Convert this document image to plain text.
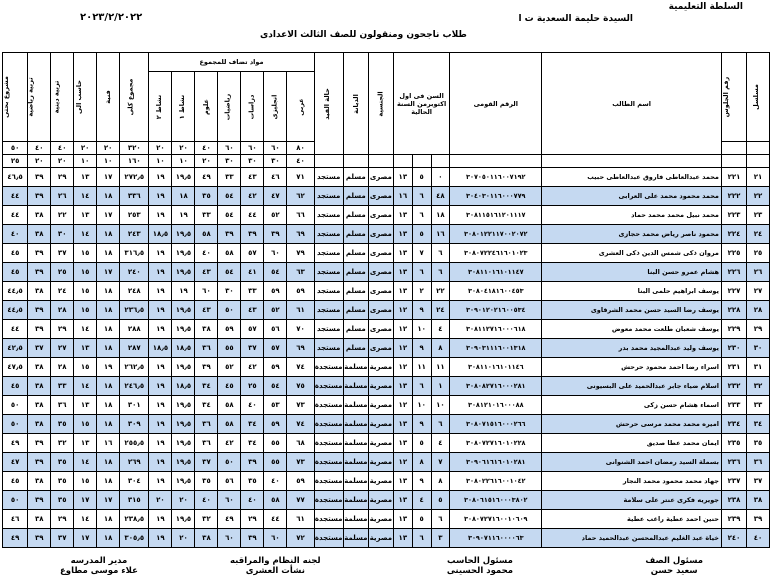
السلطة التعليمية
السيدة حليمة السعدية ت ا
٢٠٢٣/٢/٢٠٢٢
طلاب ناجحون ومنقولون للصف الثالث الاعدادى
مسلسل	رقم الجلوس	اسم الطالب	الرقم القومى	السن فى اول اكتوبرمن السنة الحالية			الجنسية	الديانة	حالة القيد	مواد تضاف للمجموع							مجموع كلى	فنية	حاسب الى	تربية دينية	تربية رياضية	مشروع بحثى
										عربى	انجليزى	دراسات	رياضيات	علوم	نشاط ١	نشاط ٢						
										٨٠	٦٠	٦٠	٦٠	٤٠	٢٠	٢٠	٣٢٠	٢٠	٢٠	٤٠	٤٠	٥٠
										٤٠	٣٠	٣٠	٣٠	٢٠	١٠	١٠	١٦٠	١٠	١٠	٢٠	٢٠	٢٥
٢١	٢٢١	محمد عبدالعاطى فاروق عبدالعاطى حبيب	٣٠٧٠٥٠١١٦٠٠٧١٩٢	٠	٥	١٣	مصرى	مسلم	مستجد	٧١	٤٦	٤٣	٣٣	٤٩	١٩٫٥	١٩	٢٧٢٫٥	١٧	١٣	٢٩	٣٩	٤٦٫٥
٢٢	٢٢٢	محمد محمود محمد على العرابى	٣٠٤٠٣٠١١٦٠٠٠٧٧٩	٤٨	٦	١٦	مصرى	مسلم	مستجد	٦٢	٤٧	٤٢	٥٤	٣٥	١٨	١٩	٣٣٦	١٨	١٤	٢٦	٣٩	٤٤
٢٣	٢٢٣	محمد نبيل محمد محمد حماد	٣٠٨١١٥١٦١٢٠١١١٧	١٨	٦	١٣	مصرى	مسلم	مستجد	٦٦	٥٢	٤٤	٥٤	٣٣	١٩	١٩	٢٥٣	١٧	١٣	٢٢	٣٨	٤٤
٢٤	٢٢٤	محمود ناصر رياض محمد حجازى	٣٠٨٠١٢٢١١٧٠٠٢٠٧٢	١٦	٥	١٣	مصرى	مسلم	مستجد	٦٩	٣٩	٣٩	٣٩	٥٨	١٩٫٥	١٨٫٥	٢٤٣	١٨	١٤	٣٠	٣٨	٤٠
٢٥	٢٢٥	مروان ذكى شمس الدين ذكى العشرى	٣٠٨٠٧٢٢٤٦١٦٠١٠٢٣	٦	٧	١٣	مصرى	مسلم	مستجد	٧٩	٦٠	٥٧	٥٨	٤٠	١٩٫٥	١٩	٣١٦٫٥	١٨	١٥	٣٧	٣٩	٤٥
٢٦	٢٢٦	هشام عمرو حسن البنا	٣٠٨١١٠١٦١٠١١٤٧	٦	٦	١٣	مصرى	مسلم	مستجد	٦٣	٥٤	٤١	٥٤	٤٣	١٩٫٥	١٩	٢٤٠	١٧	١٥	٢٥	٣٩	٤٥
٢٧	٢٢٧	يوسف ابراهيم حلمى البنا	٣٠٨٠٤١٨١٦٠٠٤٥٣	٢٢	٢	١٣	مصرى	مسلم	مستجد	٥٩	٥٩	٣٣	٣٠	٦٠	١٩	١٩	٢٤٨	١٨	١٥	٢٤	٣٨	٤٤٫٥
٢٨	٢٢٨	يوسف رضا السيد حسن محمد الشرقاوى	٣٠٩٠١٢٠٢١٦٠٠٥٣٤	٢٤	٩	١٢	مصرى	مسلم	مستجد	٦١	٥٢	٤٣	٥٠	٤٣	١٩٫٥	١٩	٢٣٦٫٥	١٨	١٥	٢٨	٣٩	٤٤٫٥
٢٩	٢٢٩	يوسف شعبان طلعت محمد معوض	٣٠٨١١٢٧١٦٠٠٠٦١٨	٤	١٠	١٢	مصرى	مسلم	مستجد	٧٠	٥٦	٥٧	٥٩	٣٨	١٩٫٥	١٩	٢٨٨	١٨	١٤	٢٩	٣٩	٤٤
٣٠	٢٣٠	يوسف وليد عبدالمجيد محمد بدر	٣٠٩٠٣١١١٦٠٠١٣١٨	٨	٩	١٢	مصرى	مسلم	مستجد	٦٩	٥٧	٣٧	٥٥	٣٦	١٨٫٥	١٨٫٥	٢٨٧	١٨	١٣	٢٧	٣٧	٤٢٫٥
٣١	٢٣١	اسراء رضا احمد محمود حرحش	٣٠٨١١٠١٦١٠١١٤٦	١١	١١	١٢	مصرية	مسلمة	مستجدة	٧٤	٥٩	٤٢	٥٢	٣٩	١٩٫٥	١٩	٢٦٢٫٥	١٩	١٥	٢٨	٣٨	٤٧٫٥
٣٢	٢٣٢	اسلام ضياء جابر عبدالحميد على البسيونى	٣٠٨٠٨٢٧١٦٠٠٠٢٨١	١	٦	١٣	مصرية	مسلمة	مستجدة	٧٥	٥٤	٢٥	٤٥	٣٤	١٨٫٥	١٩	٢٤٦٫٥	١٨	١٤	٣٣	٣٨	٤٥
٣٣	٢٣٣	اسماء هشام حسن زكى	٣٠٨١٢١٠١٦٠٠٠٨٨	١٠	١٠	١٢	مصرية	مسلمة	مستجدة	٧٣	٥٣	٤٠	٥٨	٣٤	١٩٫٥	١٩	٣٠١	١٨	١٣	٣٦	٣٨	٥٠
٣٤	٢٣٤	اميره محمد محمد مرسى حرحش	٣٠٨٠٧١٥١٦٠٠٠٢٦٦	٦	٩	١٣	مصرية	مسلمة	مستجدة	٧٤	٥٩	٣٤	٥٨	٣٦	١٩٫٥	١٩	٣٠٩	١٨	١٥	٣٥	٣٨	٥٠
٣٥	٢٣٥	ايمان محمد عطا صديق	٣٠٨٠٧٢٧١٦٠١٠٢٢٨	٤	٥	١٣	مصرية	مسلمة	مستجدة	٦٨	٥٥	٣٤	٤٢	٣٦	١٩٫٥	١٩	٢٥٥٫٥	١٦	١٣	٣٢	٣٩	٤٩
٣٦	٢٣٦	بسملة السيد رمضان احمد الشنوانى	٣٠٩٠٦١٦١٦٠١٠٢٨١	٧	٨	١٢	مصرية	مسلمة	مستجدة	٧٣	٥٥	٣٩	٥٠	٣٧	١٩٫٥	١٩	٢٦٩	١٨	١٤	٣٥	٣٩	٤٧
٣٧	٢٣٧	جهاد محمد محمود محمد النجار	٣٠٨٠٢٢٦١٦٠٠١٠٤٢	٨	٩	١٣	مصرية	مسلمة	مستجدة	٥٩	٤٠	٣٥	٥٦	٣٥	١٩٫٥	١٩	٣٠٤	١٨	١٥	٣٥	٣٨	٤٥
٣٨	٢٣٨	جويريه فكرى عنتر على سلامة	٣٠٨٠٦١٥١٦٠٠٠٣٨٠٢	٥	٤	١٣	مصرية	مسلمة	مستجدة	٧٧	٥٨	٤٠	٦٠	٤٠	٢٠	٢٠	٣١٥	١٧	١٧	٣٥	٣٩	٥٠
٣٩	٢٣٩	حنين احمد عطية راغب عطية	٣٠٨٠٧٢٧١٦٠٠١٠٦٠٩	٦	٥	١٣	مصرية	مسلمة	مستجدة	٦١	٤٤	٢٩	٤٩	٣٢	١٩٫٥	١٩	٢٣٨٫٥	١٨	١٤	٢٩	٣٨	٤٦
٤٠	٢٤٠	خياة عبد الغليم عبدالمحسن عبدالحميد حماد	٣٠٩٠٧١١٦٠٠٠٠٦٣	٣	٦	١٣	مصرية	مسلمة	مستجدة	٧٢	٦٠	٣٩	٦٠	٣٨	٢٠	١٩	٣٠٥٫٥	١٨	١٧	٣٧	٣٩	٤٩
مسئول الصف
سعيد حسن
مسئول الحاسب
محمود الحسينى
لجنه النظام والمراقبه
نشأت العشرى
مدير المدرسه
علاء موسى مطاوع
